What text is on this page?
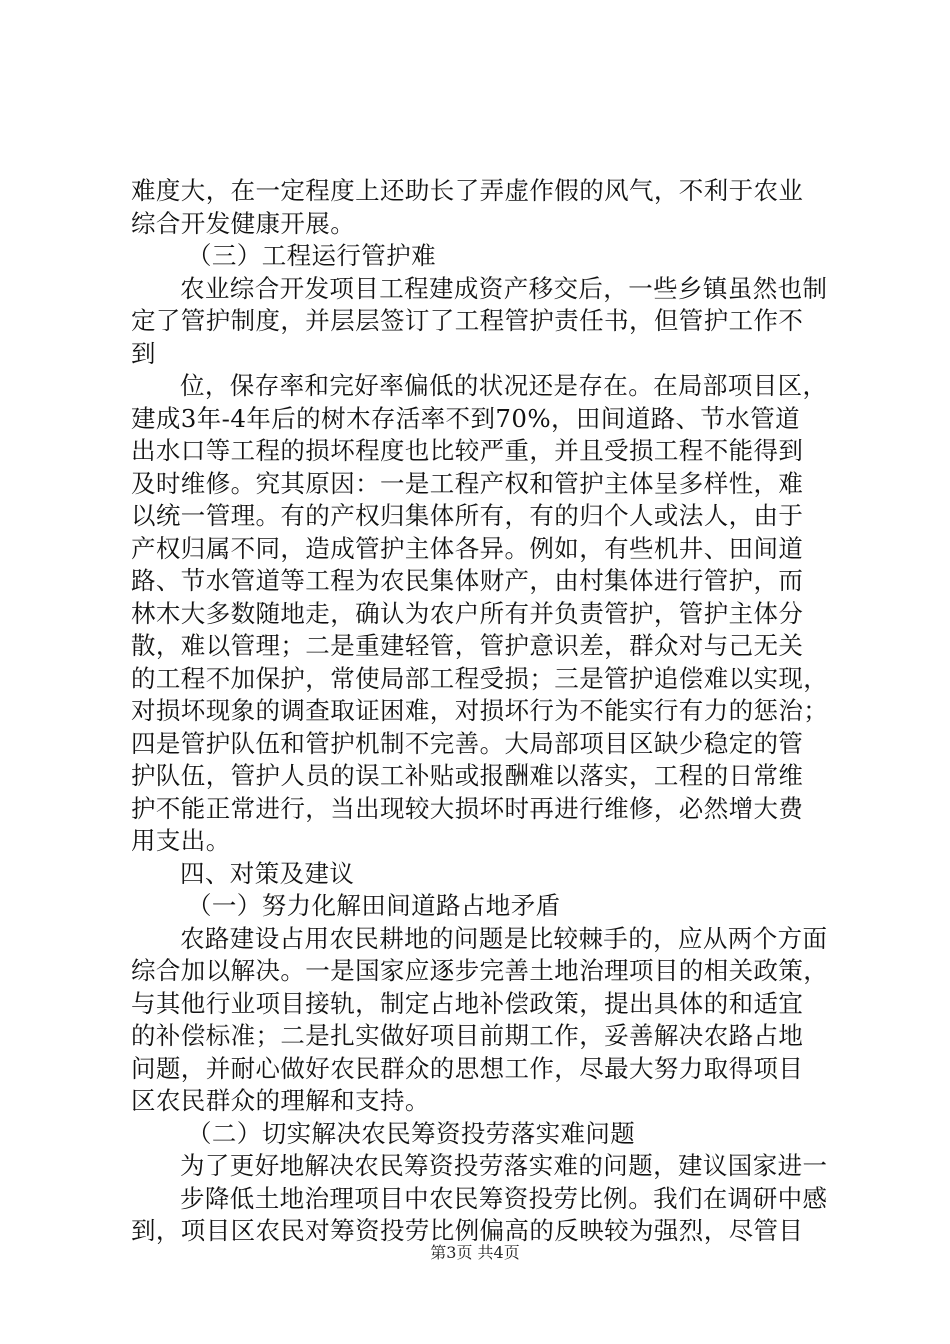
难度大，在一定程度上还助长了弄虚作假的风气，不利于农业
综合开发健康开展。
（三）工程运行管护难
农业综合开发项目工程建成资产移交后，一些乡镇虽然也制
定了管护制度，并层层签订了工程管护责任书，但管护工作不
到
位，保存率和完好率偏低的状况还是存在。在局部项目区，
建成3年-4年后的树木存活率不到70%，田间道路、节水管道
出水口等工程的损坏程度也比较严重，并且受损工程不能得到
及时维修。究其原因：一是工程产权和管护主体呈多样性，难
以统一管理。有的产权归集体所有，有的归个人或法人，由于
产权归属不同，造成管护主体各异。例如，有些机井、田间道
路、节水管道等工程为农民集体财产，由村集体进行管护，而
林木大多数随地走，确认为农户所有并负责管护，管护主体分
散，难以管理；二是重建轻管，管护意识差，群众对与己无关
的工程不加保护，常使局部工程受损；三是管护追偿难以实现，
对损坏现象的调查取证困难，对损坏行为不能实行有力的惩治；
四是管护队伍和管护机制不完善。大局部项目区缺少稳定的管
护队伍，管护人员的误工补贴或报酬难以落实，工程的日常维
护不能正常进行，当出现较大损坏时再进行维修，必然增大费
用支出。
四、对策及建议
（一）努力化解田间道路占地矛盾
农路建设占用农民耕地的问题是比较棘手的，应从两个方面
综合加以解决。一是国家应逐步完善土地治理项目的相关政策，
与其他行业项目接轨，制定占地补偿政策，提出具体的和适宜
的补偿标准；二是扎实做好项目前期工作，妥善解决农路占地
问题，并耐心做好农民群众的思想工作，尽最大努力取得项目
区农民群众的理解和支持。
（二）切实解决农民筹资投劳落实难问题
为了更好地解决农民筹资投劳落实难的问题，建议国家进一
步降低土地治理项目中农民筹资投劳比例。我们在调研中感
到，项目区农民对筹资投劳比例偏高的反映较为强烈，尽管目
第3页 共4页
